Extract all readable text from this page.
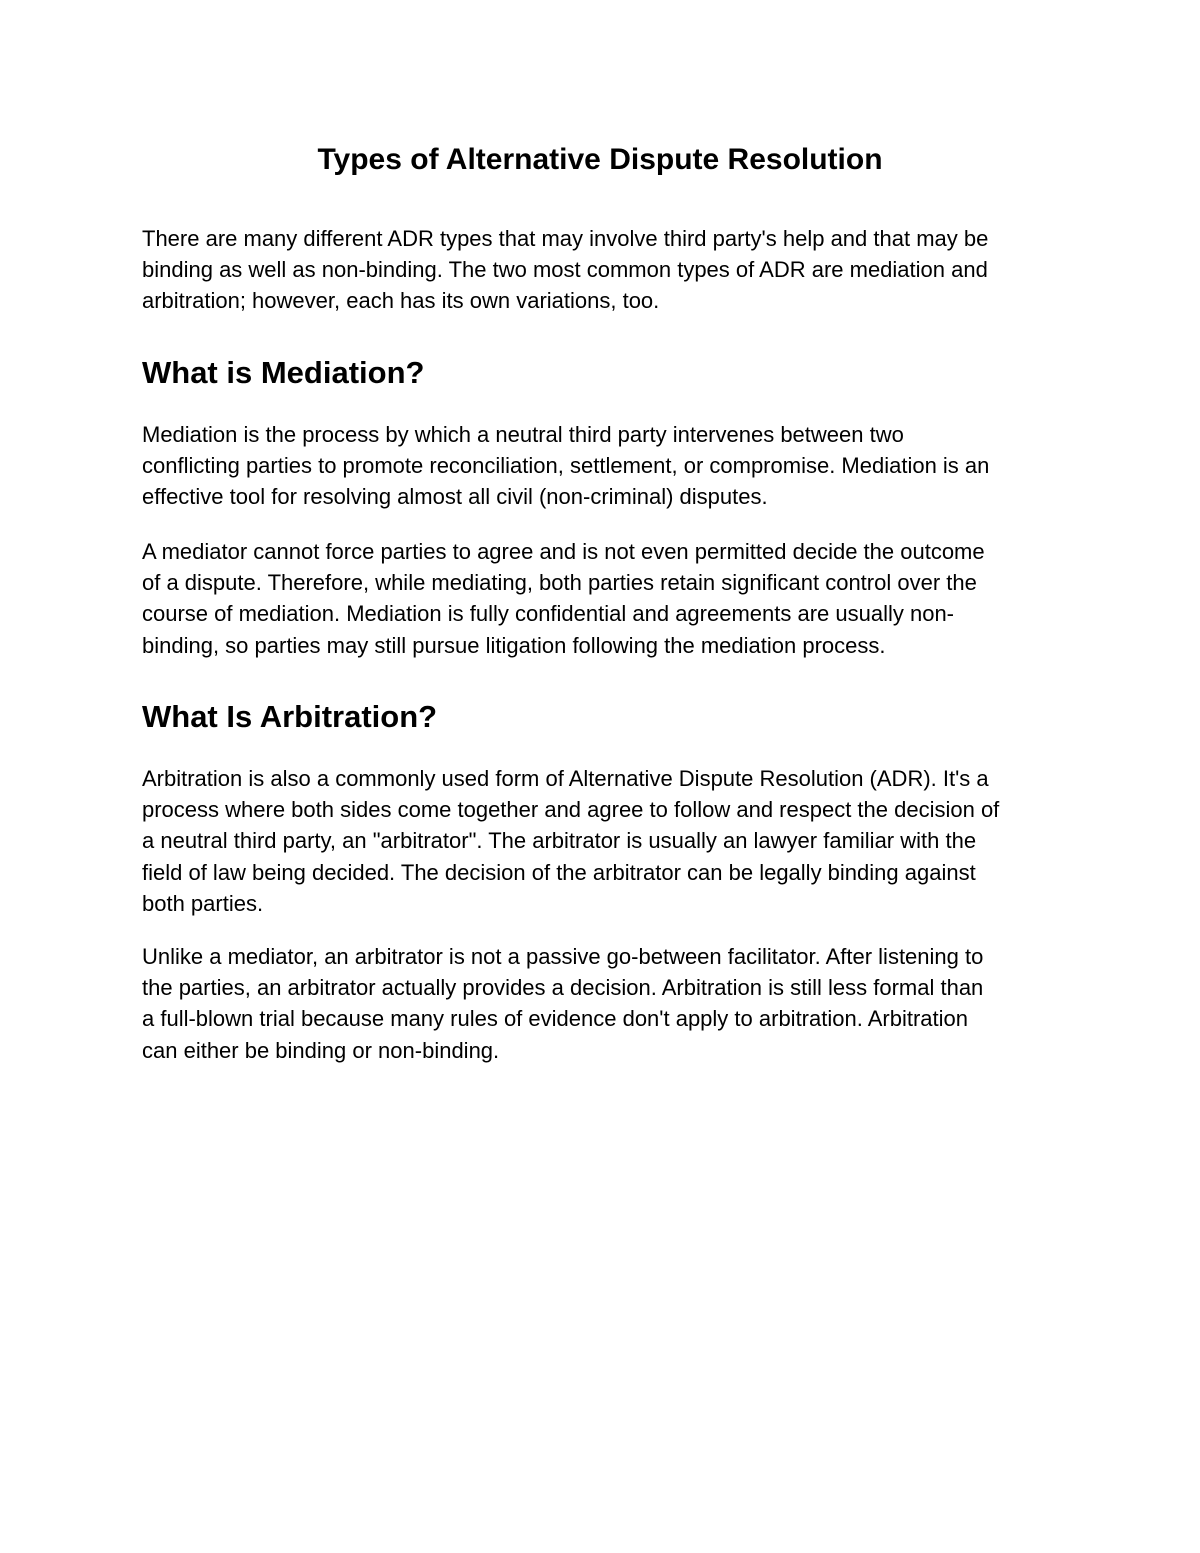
Types of Alternative Dispute Resolution

There are many different ADR types that may involve third party's help and that may be
binding as well as non-binding. The two most common types of ADR are mediation and
arbitration; however, each has its own variations, too.

What is Mediation?

Mediation is the process by which a neutral third party intervenes between two
conflicting parties to promote reconciliation, settlement, or compromise. Mediation is an
effective tool for resolving almost all civil (non-criminal) disputes.

A mediator cannot force parties to agree and is not even permitted decide the outcome
of a dispute. Therefore, while mediating, both parties retain significant control over the
course of mediation. Mediation is fully confidential and agreements are usually non-
binding, so parties may still pursue litigation following the mediation process.

What Is Arbitration?

Arbitration is also a commonly used form of Alternative Dispute Resolution (ADR). It's a
process where both sides come together and agree to follow and respect the decision of
a neutral third party, an "arbitrator". The arbitrator is usually an lawyer familiar with the
field of law being decided. The decision of the arbitrator can be legally binding against
both parties.

Unlike a mediator, an arbitrator is not a passive go-between facilitator. After listening to
the parties, an arbitrator actually provides a decision. Arbitration is still less formal than
a full-blown trial because many rules of evidence don't apply to arbitration. Arbitration
can either be binding or non-binding.
